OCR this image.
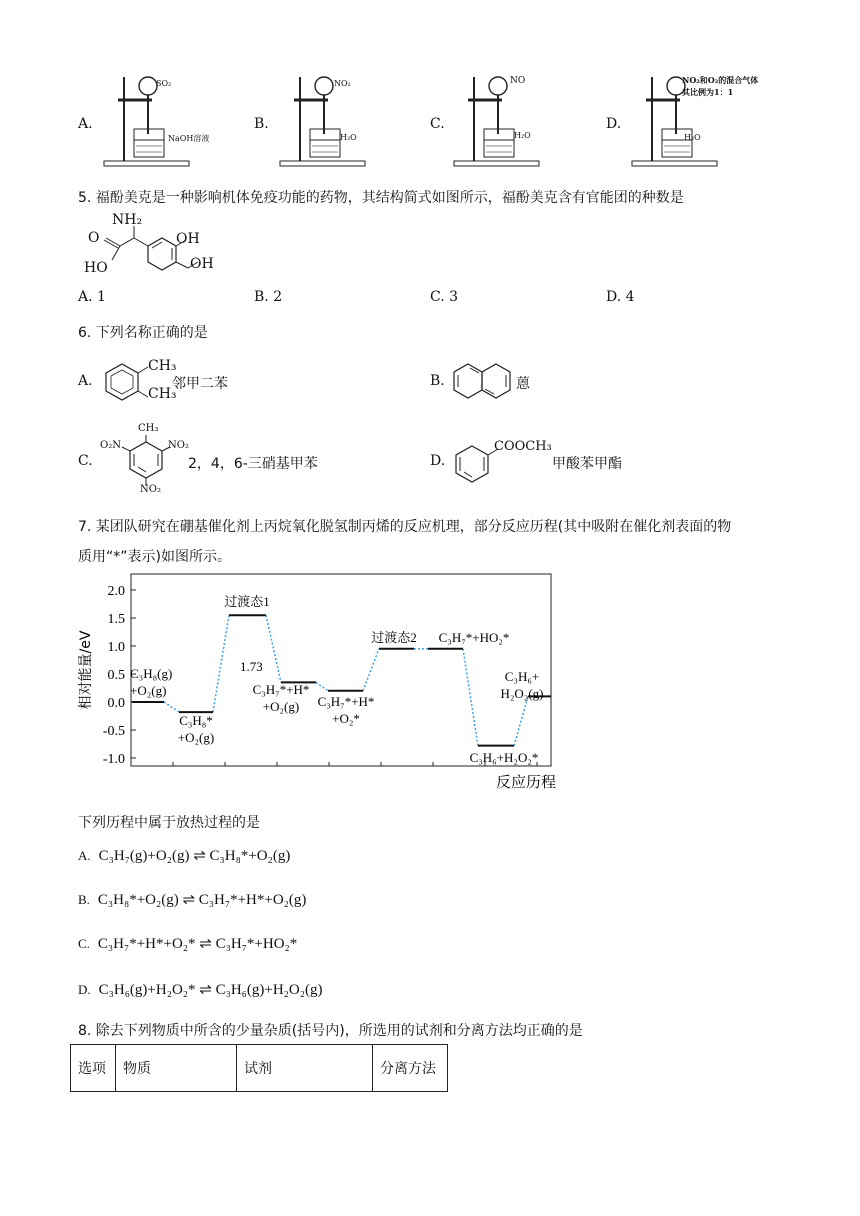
A.
SO₂
NaOH溶液
B.
NO₂
H₂O
C.
NO
H₂O
D.
NO₂和O₂的混合气体
其比例为1：1
H₂O
5. 福酚美克是一种影响机体免疫功能的药物，其结构简式如图所示，福酚美克含有官能团的种数是
NH₂
OH
OH
O
HO
A. 1	B. 2	C. 3	D. 4
6. 下列名称正确的是
A.
CH₃
CH₃
邻甲二苯	B.	蒽
C.
CH₃
O₂N	NO₂
NO₂
2，4，6-三硝基甲苯	D.
COOCH₃
甲酸苯甲酯
7. 某团队研究在硼基催化剂上丙烷氧化脱氢制丙烯的反应机理，部分反应历程(其中吸附在催化剂表面的物
质用“*”表示)如图所示。
2.0
1.5
1.0
0.5
0.0
-0.5
-1.0
C₃H₈(g) +O₂(g)
C₃H₈* +O₂(g)
过渡态1
C₃H₇*+H* +O₂(g)	C₃H₇*+H* +O₂*
过渡态2 C₃H₇*+HO₂*
C₃H₆+H₂O₂*
C₃H₆+ H₂O₂(g)
相对能量/eV
反应历程
1.73
下列历程中属于放热过程的是
A. C₃H₇(g)+O₂(g) ⇌ C₃H₈*+O₂(g)
B. C₃H₈*+O₂(g) ⇌ C₃H₇*+H*+O₂(g)
C. C₃H₇*+H*+O₂* ⇌ C₃H₇*+HO₂*
D. C₃H₆(g)+H₂O₂* ⇌ C₃H₆(g)+H₂O₂(g)
8. 除去下列物质中所含的少量杂质(括号内)，所选用的试剂和分离方法均正确的是
选项	物质	试剂	分离方法
